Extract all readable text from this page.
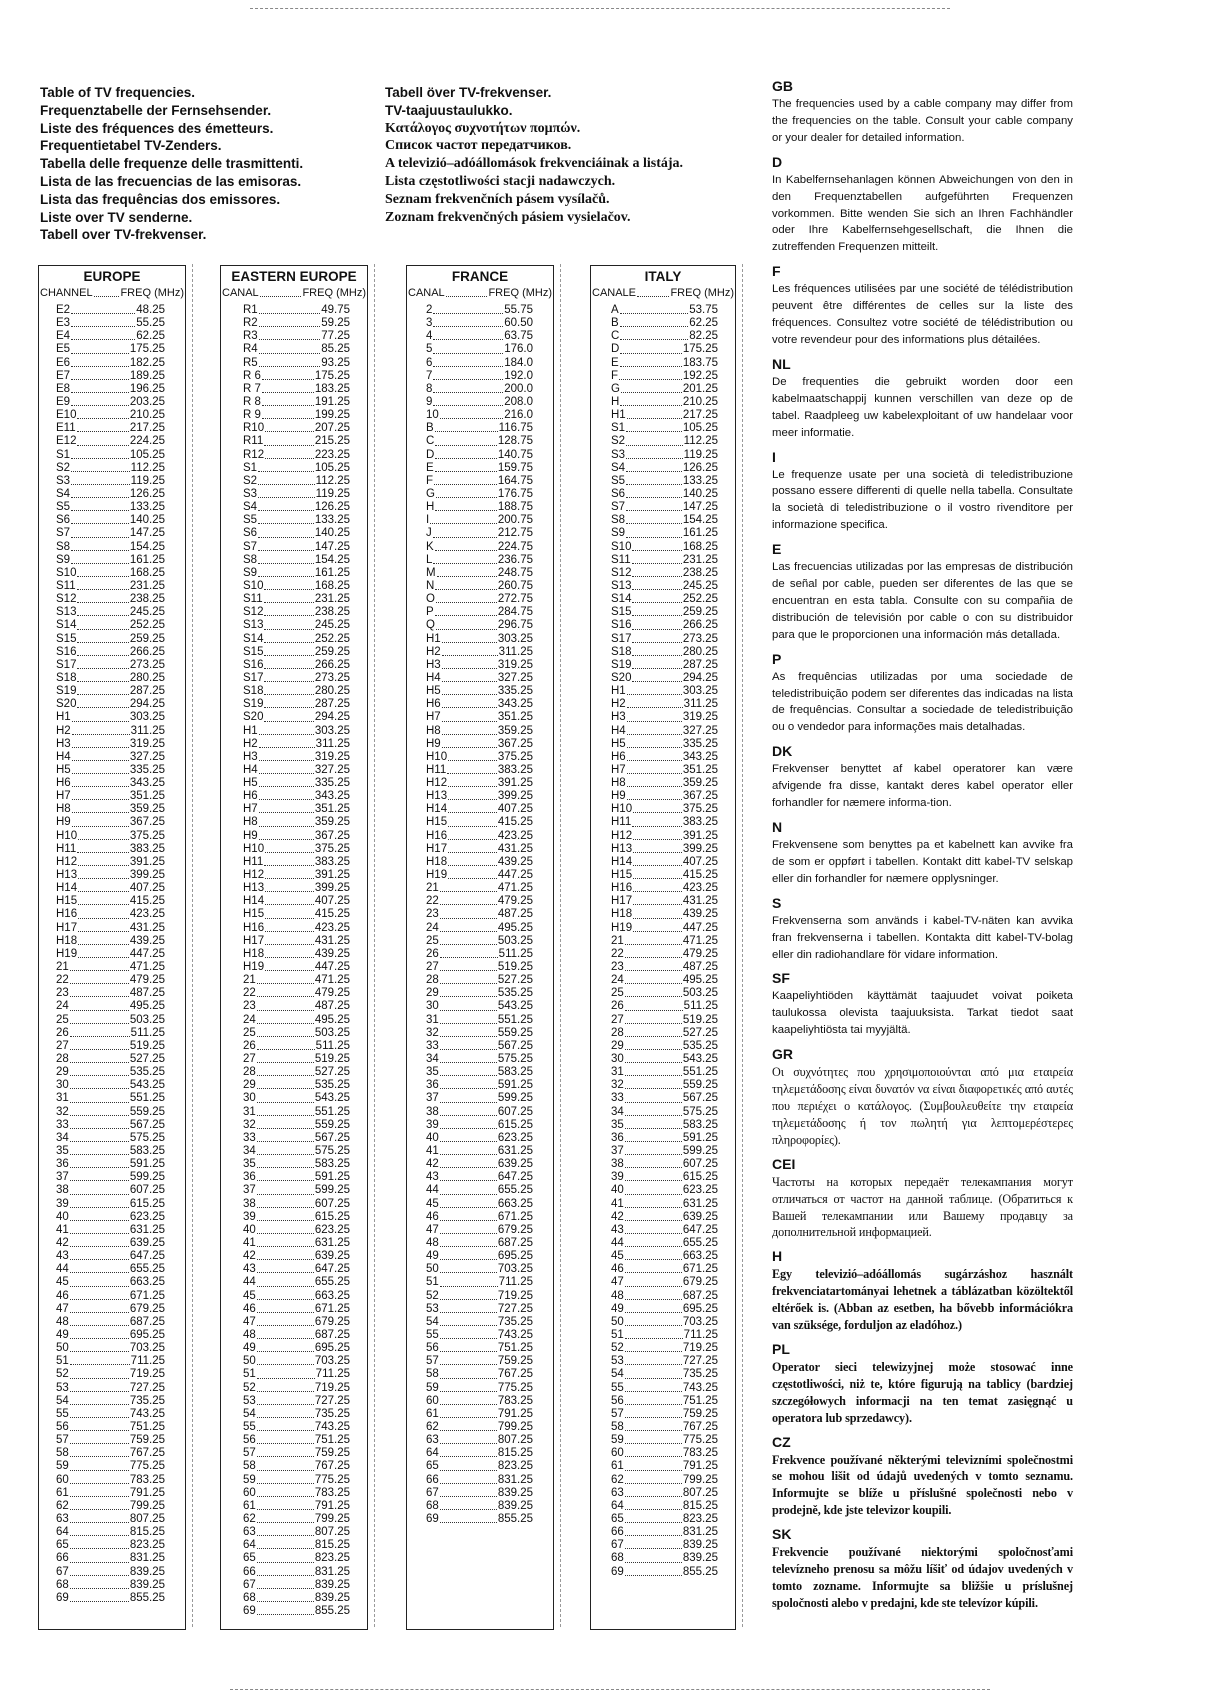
Table of TV frequencies.
Frequenztabelle der Fernsehsender.
Liste des fréquences des émetteurs.
Frequentietabel TV-Zenders.
Tabella delle frequenze delle trasmittenti.
Lista de las frecuencias de las emisoras.
Lista das frequências dos emissores.
Liste over TV senderne.
Tabell over TV-frekvenser.
Tabell över TV-frekvenser.
TV-taajuustaulukko.
Κατάλογος συχνοτήτων πομπών.
Список частот передатчиков.
A televizió–adóállomások frekvenciáinak a listája.
Lista częstotliwości stacji nadawczych.
Seznam frekvenčních pásem vysílačů.
Zoznam frekvenčných pásiem vysielačov.
EUROPE
CHANNEL	FREQ (MHz)
E2	48.25
E3	55.25
E4	62.25
E5	175.25
E6	182.25
E7	189.25
E8	196.25
E9	203.25
E10	210.25
E11	217.25
E12	224.25
S1	105.25
S2	112.25
S3	119.25
S4	126.25
S5	133.25
S6	140.25
S7	147.25
S8	154.25
S9	161.25
S10	168.25
S11	231.25
S12	238.25
S13	245.25
S14	252.25
S15	259.25
S16	266.25
S17	273.25
S18	280.25
S19	287.25
S20	294.25
H1	303.25
H2	311.25
H3	319.25
H4	327.25
H5	335.25
H6	343.25
H7	351.25
H8	359.25
H9	367.25
H10	375.25
H11	383.25
H12	391.25
H13	399.25
H14	407.25
H15	415.25
H16	423.25
H17	431.25
H18	439.25
H19	447.25
21	471.25
22	479.25
23	487.25
24	495.25
25	503.25
26	511.25
27	519.25
28	527.25
29	535.25
30	543.25
31	551.25
32	559.25
33	567.25
34	575.25
35	583.25
36	591.25
37	599.25
38	607.25
39	615.25
40	623.25
41	631.25
42	639.25
43	647.25
44	655.25
45	663.25
46	671.25
47	679.25
48	687.25
49	695.25
50	703.25
51	711.25
52	719.25
53	727.25
54	735.25
55	743.25
56	751.25
57	759.25
58	767.25
59	775.25
60	783.25
61	791.25
62	799.25
63	807.25
64	815.25
65	823.25
66	831.25
67	839.25
68	839.25
69	855.25
EASTERN EUROPE
CANAL	FREQ (MHz)
R1	49.75
R2	59.25
R3	77.25
R4	85.25
R5	93.25
R 6	175.25
R 7	183.25
R 8	191.25
R 9	199.25
R10	207.25
R11	215.25
R12	223.25
S1	105.25
S2	112.25
S3	119.25
S4	126.25
S5	133.25
S6	140.25
S7	147.25
S8	154.25
S9	161.25
S10	168.25
S11	231.25
S12	238.25
S13	245.25
S14	252.25
S15	259.25
S16	266.25
S17	273.25
S18	280.25
S19	287.25
S20	294.25
H1	303.25
H2	311.25
H3	319.25
H4	327.25
H5	335.25
H6	343.25
H7	351.25
H8	359.25
H9	367.25
H10	375.25
H11	383.25
H12	391.25
H13	399.25
H14	407.25
H15	415.25
H16	423.25
H17	431.25
H18	439.25
H19	447.25
21	471.25
22	479.25
23	487.25
24	495.25
25	503.25
26	511.25
27	519.25
28	527.25
29	535.25
30	543.25
31	551.25
32	559.25
33	567.25
34	575.25
35	583.25
36	591.25
37	599.25
38	607.25
39	615.25
40	623.25
41	631.25
42	639.25
43	647.25
44	655.25
45	663.25
46	671.25
47	679.25
48	687.25
49	695.25
50	703.25
51	711.25
52	719.25
53	727.25
54	735.25
55	743.25
56	751.25
57	759.25
58	767.25
59	775.25
60	783.25
61	791.25
62	799.25
63	807.25
64	815.25
65	823.25
66	831.25
67	839.25
68	839.25
69	855.25
FRANCE
CANAL	FREQ (MHz)
2	55.75
3	60.50
4	63.75
5	176.0
6	184.0
7	192.0
8	200.0
9	208.0
10	216.0
B	116.75
C	128.75
D	140.75
E	159.75
F	164.75
G	176.75
H	188.75
I	200.75
J	212.75
K	224.75
L	236.75
M	248.75
N	260.75
O	272.75
P	284.75
Q	296.75
H1	303.25
H2	311.25
H3	319.25
H4	327.25
H5	335.25
H6	343.25
H7	351.25
H8	359.25
H9	367.25
H10	375.25
H11	383.25
H12	391.25
H13	399.25
H14	407.25
H15	415.25
H16	423.25
H17	431.25
H18	439.25
H19	447.25
21	471.25
22	479.25
23	487.25
24	495.25
25	503.25
26	511.25
27	519.25
28	527.25
29	535.25
30	543.25
31	551.25
32	559.25
33	567.25
34	575.25
35	583.25
36	591.25
37	599.25
38	607.25
39	615.25
40	623.25
41	631.25
42	639.25
43	647.25
44	655.25
45	663.25
46	671.25
47	679.25
48	687.25
49	695.25
50	703.25
51	711.25
52	719.25
53	727.25
54	735.25
55	743.25
56	751.25
57	759.25
58	767.25
59	775.25
60	783.25
61	791.25
62	799.25
63	807.25
64	815.25
65	823.25
66	831.25
67	839.25
68	839.25
69	855.25
ITALY
CANALE	FREQ (MHz)
A	53.75
B	62.25
C	82.25
D	175.25
E	183.75
F	192.25
G	201.25
H	210.25
H1	217.25
S1	105.25
S2	112.25
S3	119.25
S4	126.25
S5	133.25
S6	140.25
S7	147.25
S8	154.25
S9	161.25
S10	168.25
S11	231.25
S12	238.25
S13	245.25
S14	252.25
S15	259.25
S16	266.25
S17	273.25
S18	280.25
S19	287.25
S20	294.25
H1	303.25
H2	311.25
H3	319.25
H4	327.25
H5	335.25
H6	343.25
H7	351.25
H8	359.25
H9	367.25
H10	375.25
H11	383.25
H12	391.25
H13	399.25
H14	407.25
H15	415.25
H16	423.25
H17	431.25
H18	439.25
H19	447.25
21	471.25
22	479.25
23	487.25
24	495.25
25	503.25
26	511.25
27	519.25
28	527.25
29	535.25
30	543.25
31	551.25
32	559.25
33	567.25
34	575.25
35	583.25
36	591.25
37	599.25
38	607.25
39	615.25
40	623.25
41	631.25
42	639.25
43	647.25
44	655.25
45	663.25
46	671.25
47	679.25
48	687.25
49	695.25
50	703.25
51	711.25
52	719.25
53	727.25
54	735.25
55	743.25
56	751.25
57	759.25
58	767.25
59	775.25
60	783.25
61	791.25
62	799.25
63	807.25
64	815.25
65	823.25
66	831.25
67	839.25
68	839.25
69	855.25
GB

The frequencies used by a cable company may differ from the frequencies on the table. Consult your cable company or your dealer for detailed information.

D

In Kabelfernsehanlagen können Abweichungen von den in den Frequenztabellen aufgeführten Frequenzen vorkommen. Bitte wenden Sie sich an Ihren Fachhändler oder Ihre Kabelfernsehgesellschaft, die Ihnen die zutreffenden Frequenzen mitteilt.

F

Les fréquences utilisées par une société de télédistribution peuvent être différentes de celles sur la liste des fréquences. Consultez votre société de télédistribution ou votre revendeur pour des informations plus détailées.

NL

De frequenties die gebruikt worden door een kabelmaatschappij kunnen verschillen van deze op de tabel. Raadpleeg uw kabelexploitant of uw handelaar voor meer informatie.

I

Le frequenze usate per una società di teledistribuzione possano essere differenti di quelle nella tabella. Consultate la società di teledistribuzione o il vostro rivenditore per informazione specifica.

E

Las frecuencias utilizadas por las empresas de distribución de señal por cable, pueden ser diferentes de las que se encuentran en esta tabla. Consulte con su compañia de distribución de televisión por cable o con su distribuidor para que le proporcionen una información más detallada.

P

As frequências utilizadas por uma sociedade de teledistribuição podem ser diferentes das indicadas na lista de frequências. Consultar a sociedade de teledistribuição ou o vendedor para informações mais detalhadas.

DK

Frekvenser benyttet af kabel operatorer kan være afvigende fra disse, kantakt deres kabel operator eller forhandler for næmere informa-tion.

N

Frekvensene som benyttes pa et kabelnett kan avvike fra de som er oppført i tabellen. Kontakt ditt kabel-TV selskap eller din forhandler for næmere opplysninger.

S

Frekvenserna som används i kabel-TV-näten kan avvika fran frekvenserna i tabellen. Kontakta ditt kabel-TV-bolag eller din radiohandlare för vidare information.

SF

Kaapeliyhtiöden käyttämät taajuudet voivat poiketa taulukossa olevista taajuuksista. Tarkat tiedot saat kaapeliyhtiösta tai myyjältä.

GR

Οι συχνότητες που χρησιμοποιούνται από μια εταιρεία τηλεμετάδοσης είναι δυνατόν να είναι διαφορετικές από αυτές που περιέχει ο κατάλογος. (Συμβουλευθείτε την εταιρεία τηλεμετάδοσης ή τον πωλητή για λεπτομερέστερες πληροφορίες).

CEI

Частоты на которых передаёт телекампания могут отличаться от частот на данной таблице. (Обратиться к Вашей телекампании или Вашему продавцу за дополнительной информацией.

H

Egy televizió–adóállomás sugárzáshoz használt frekvenciatartományai lehetnek a táblázatban közöltektől eltérőek is. (Abban az esetben, ha bővebb információkra van szüksége, forduljon az eladóhoz.)

PL

Operator sieci telewizyjnej może stosować inne częstotliwości, niż te, które figurują na tablicy (bardziej szczegółowych informacji na ten temat zasięgnąć u operatora lub sprzedawcy).

CZ

Frekvence používané některými televizními společnostmi se mohou lišit od údajů uvedených v tomto seznamu. Informujte se blíže u příslušné společnosti nebo v prodejně, kde jste televizor koupili.

SK

Frekvencie používané niektorými spoločnosťami televízneho prenosu sa môžu líšiť od údajov uvedených v tomto zozname. Informujte sa bližšie u príslušnej spoločnosti alebo v predajni, kde ste televízor kúpili.
